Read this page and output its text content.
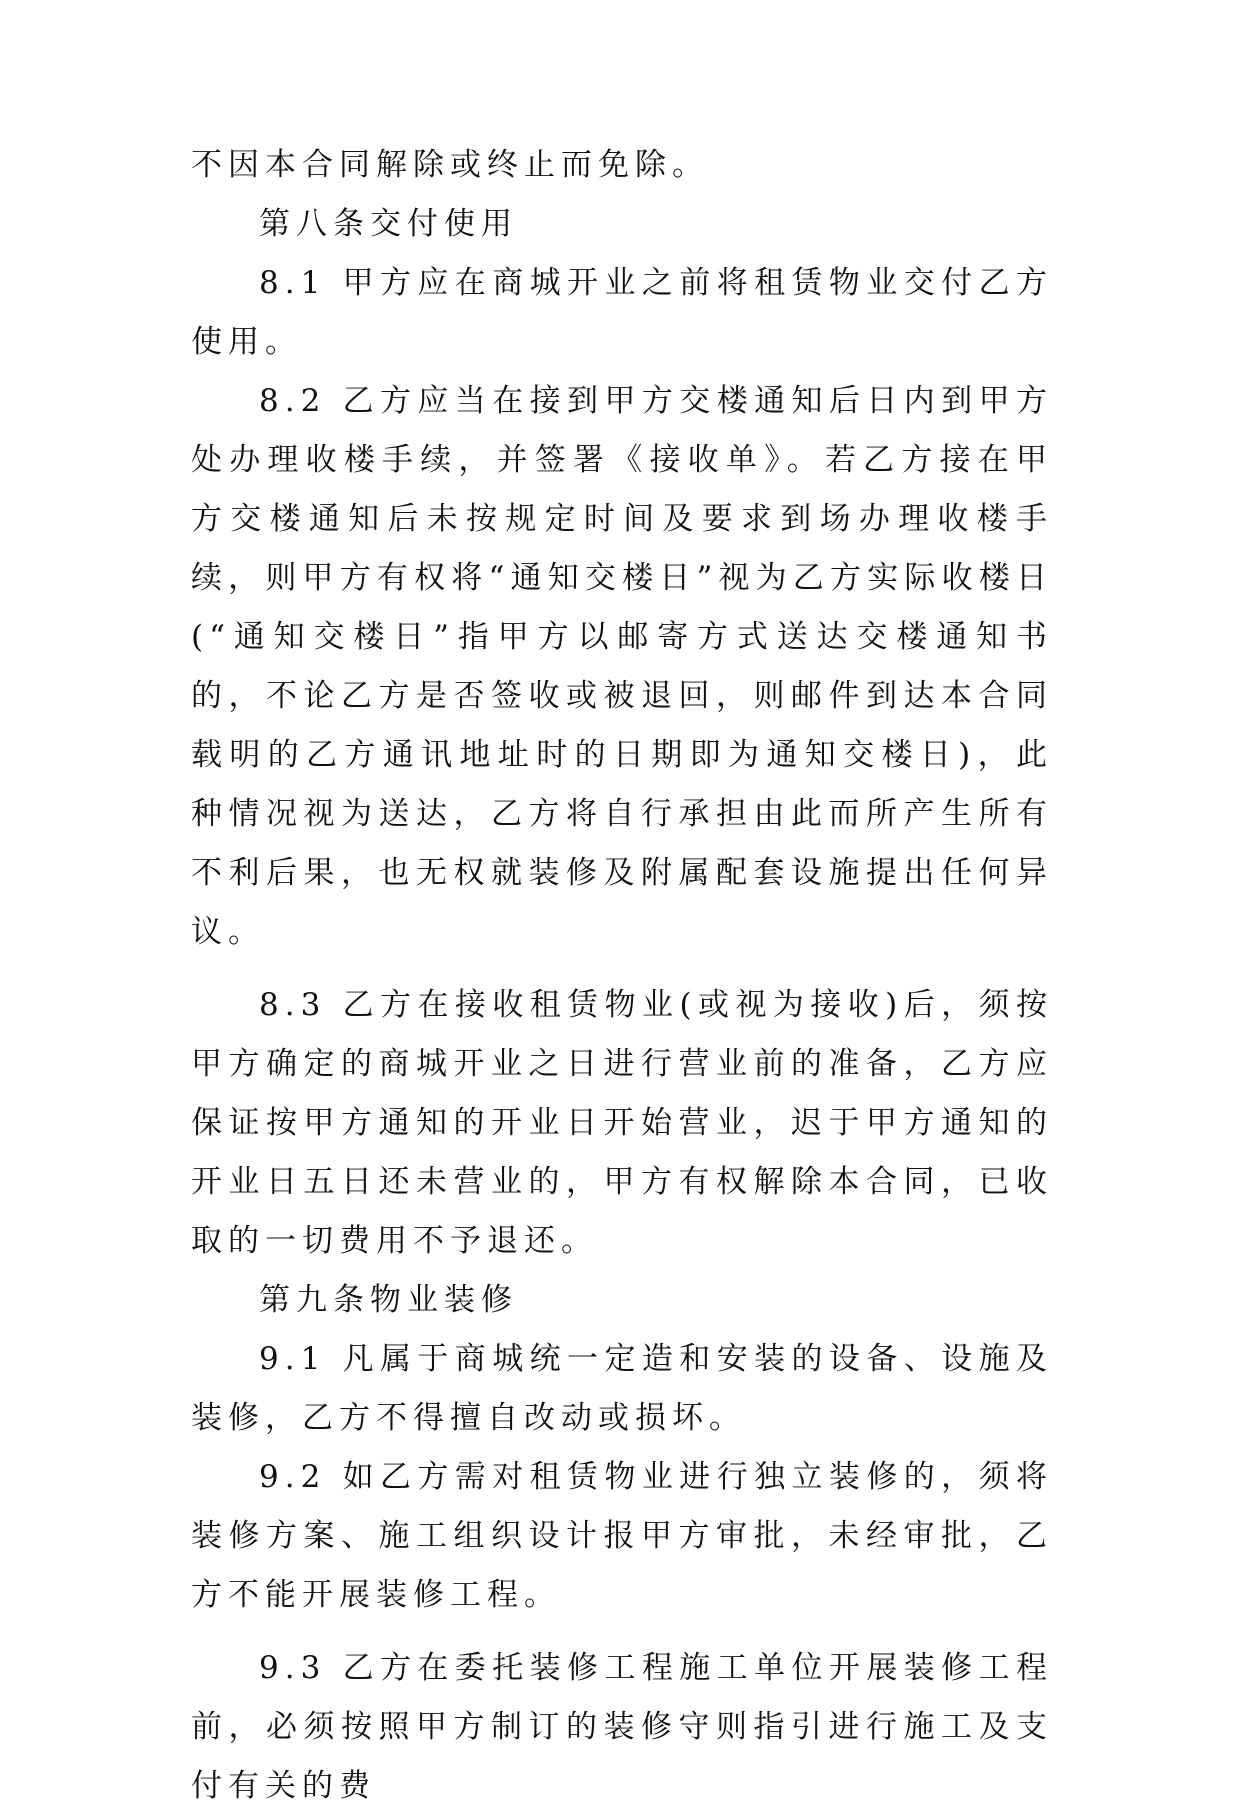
不因本合同解除或终止而免除。

第八条交付使用

8.1 甲方应在商城开业之前将租赁物业交付乙方使用。

8.2 乙方应当在接到甲方交楼通知后日内到甲方处办理收楼手续，并签署《接收单》。若乙方接在甲方交楼通知后未按规定时间及要求到场办理收楼手续，则甲方有权将“通知交楼日”视为乙方实际收楼日(“通知交楼日”指甲方以邮寄方式送达交楼通知书的，不论乙方是否签收或被退回，则邮件到达本合同载明的乙方通讯地址时的日期即为通知交楼日)，此种情况视为送达，乙方将自行承担由此而所产生所有不利后果，也无权就装修及附属配套设施提出任何异议。

8.3 乙方在接收租赁物业(或视为接收)后，须按甲方确定的商城开业之日进行营业前的准备，乙方应保证按甲方通知的开业日开始营业，迟于甲方通知的开业日五日还未营业的，甲方有权解除本合同，已收取的一切费用不予退还。

第九条物业装修

9.1 凡属于商城统一定造和安装的设备、设施及装修，乙方不得擅自改动或损坏。

9.2 如乙方需对租赁物业进行独立装修的，须将装修方案、施工组织设计报甲方审批，未经审批，乙方不能开展装修工程。

9.3 乙方在委托装修工程施工单位开展装修工程前，必须按照甲方制订的装修守则指引进行施工及支付有关的费
